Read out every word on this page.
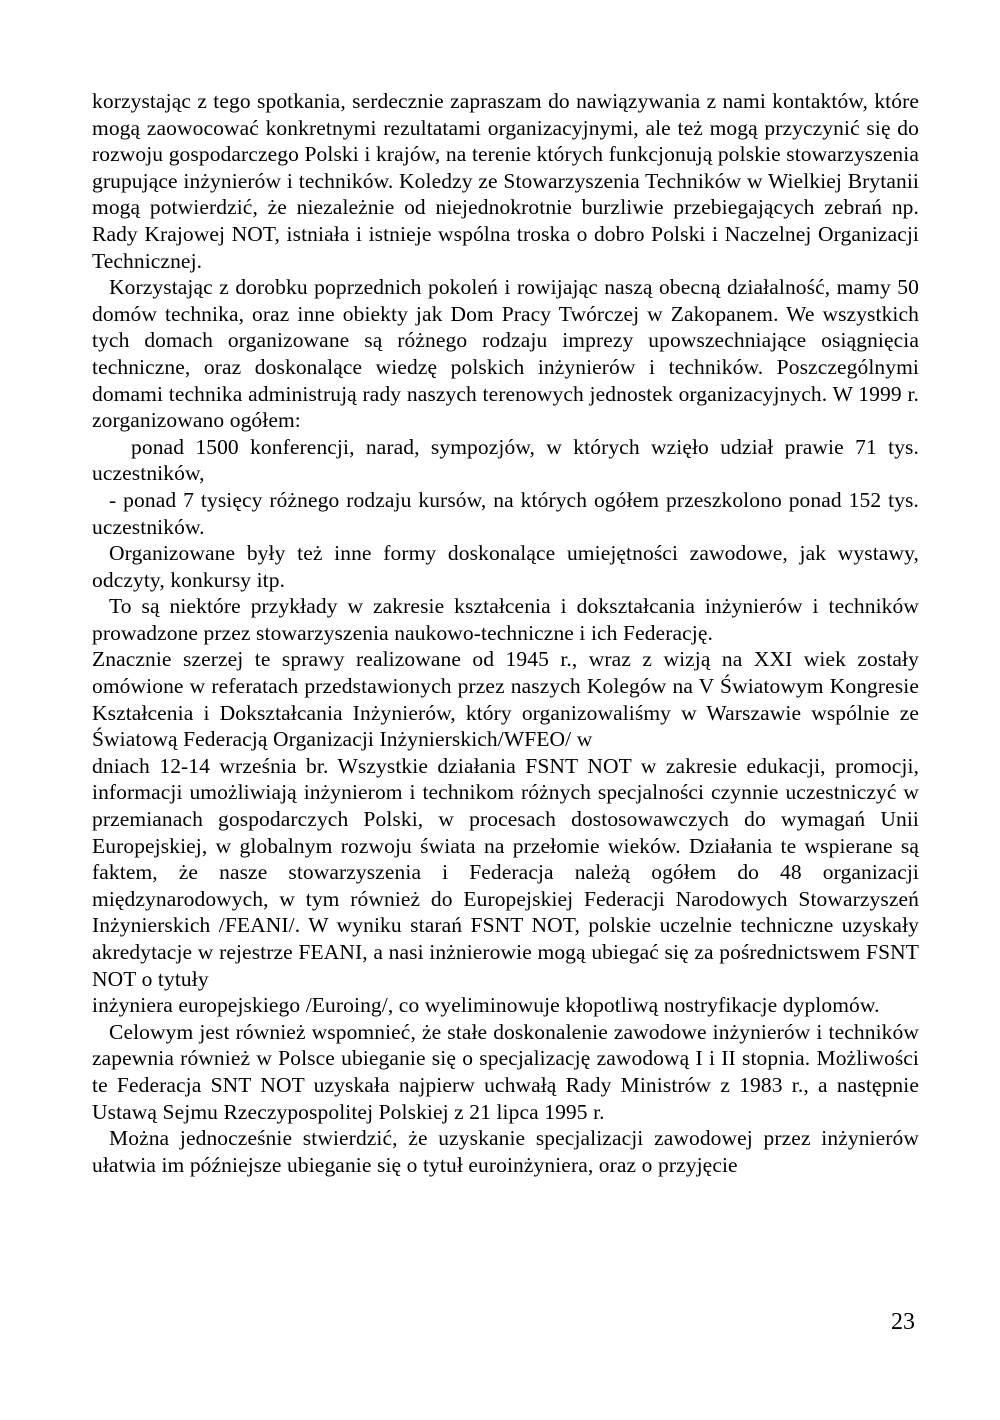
korzystając z tego spotkania, serdecznie zapraszam do nawiązywania z nami kontaktów, które mogą zaowocować konkretnymi rezultatami organizacyjnymi, ale też mogą przyczynić się do rozwoju gospodarczego Polski i krajów, na terenie których funkcjonują polskie stowarzyszenia grupujące inżynierów i techników. Koledzy ze Stowarzyszenia Techników w Wielkiej Brytanii mogą potwierdzić, że niezależnie od niejednokrotnie burzliwie przebiegających zebrań np. Rady Krajowej NOT, istniała i istnieje wspólna troska o dobro Polski i Naczelnej Organizacji Technicznej.

Korzystając z dorobku poprzednich pokoleń i rowijając naszą obecną działalność, mamy 50 domów technika, oraz inne obiekty jak Dom Pracy Twórczej w Zakopanem. We wszystkich tych domach organizowane są różnego rodzaju imprezy upowszechniające osiągnięcia techniczne, oraz doskonalące wiedzę polskich inżynierów i techników. Poszczególnymi domami technika administrują rady naszych terenowych jednostek organizacyjnych. W 1999 r. zorganizowano ogółem:

ponad 1500 konferencji, narad, sympozjów, w których wzięło udział prawie 71 tys. uczestników,

- ponad 7 tysięcy różnego rodzaju kursów, na których ogółem przeszkolono ponad 152 tys. uczestników.

Organizowane były też inne formy doskonalące umiejętności zawodowe, jak wystawy, odczyty, konkursy itp.

To są niektóre przykłady w zakresie kształcenia i dokształcania inżynierów i techników prowadzone przez stowarzyszenia naukowo-techniczne i ich Federację.

Znacznie szerzej te sprawy realizowane od 1945 r., wraz z wizją na XXI wiek zostały omówione w referatach przedstawionych przez naszych Kolegów na V Światowym Kongresie Kształcenia i Dokształcania Inżynierów, który organizowaliśmy w Warszawie wspólnie ze Światową Federacją Organizacji Inżynierskich/WFEO/ w

dniach 12-14 września br. Wszystkie działania FSNT NOT w zakresie edukacji, promocji, informacji umożliwiają inżynierom i technikom różnych specjalności czynnie uczestniczyć w przemianach gospodarczych Polski, w procesach dostosowawczych do wymagań Unii Europejskiej, w globalnym rozwoju świata na przełomie wieków. Działania te wspierane są faktem, że nasze stowarzyszenia i Federacja należą ogółem do 48 organizacji międzynarodowych, w tym również do Europejskiej Federacji Narodowych Stowarzyszeń Inżynierskich /FEANI/. W wyniku starań FSNT NOT, polskie uczelnie techniczne uzyskały akredytacje w rejestrze FEANI, a nasi inżnierowie mogą ubiegać się za pośrednictswem FSNT NOT o tytuły

inżyniera europejskiego /Euroing/, co wyeliminowuje kłopotliwą nostryfikacje dyplomów.

Celowym jest również wspomnieć, że stałe doskonalenie zawodowe inżynierów i techników zapewnia również w Polsce ubieganie się o specjalizację zawodową I i II stopnia. Możliwości te Federacja SNT NOT uzyskała najpierw uchwałą Rady Ministrów z 1983 r., a następnie Ustawą Sejmu Rzeczypospolitej Polskiej z 21 lipca 1995 r.

Można jednocześnie stwierdzić, że uzyskanie specjalizacji zawodowej przez inżynierów ułatwia im późniejsze ubieganie się o tytuł euroinżyniera, oraz o przyjęcie

23
